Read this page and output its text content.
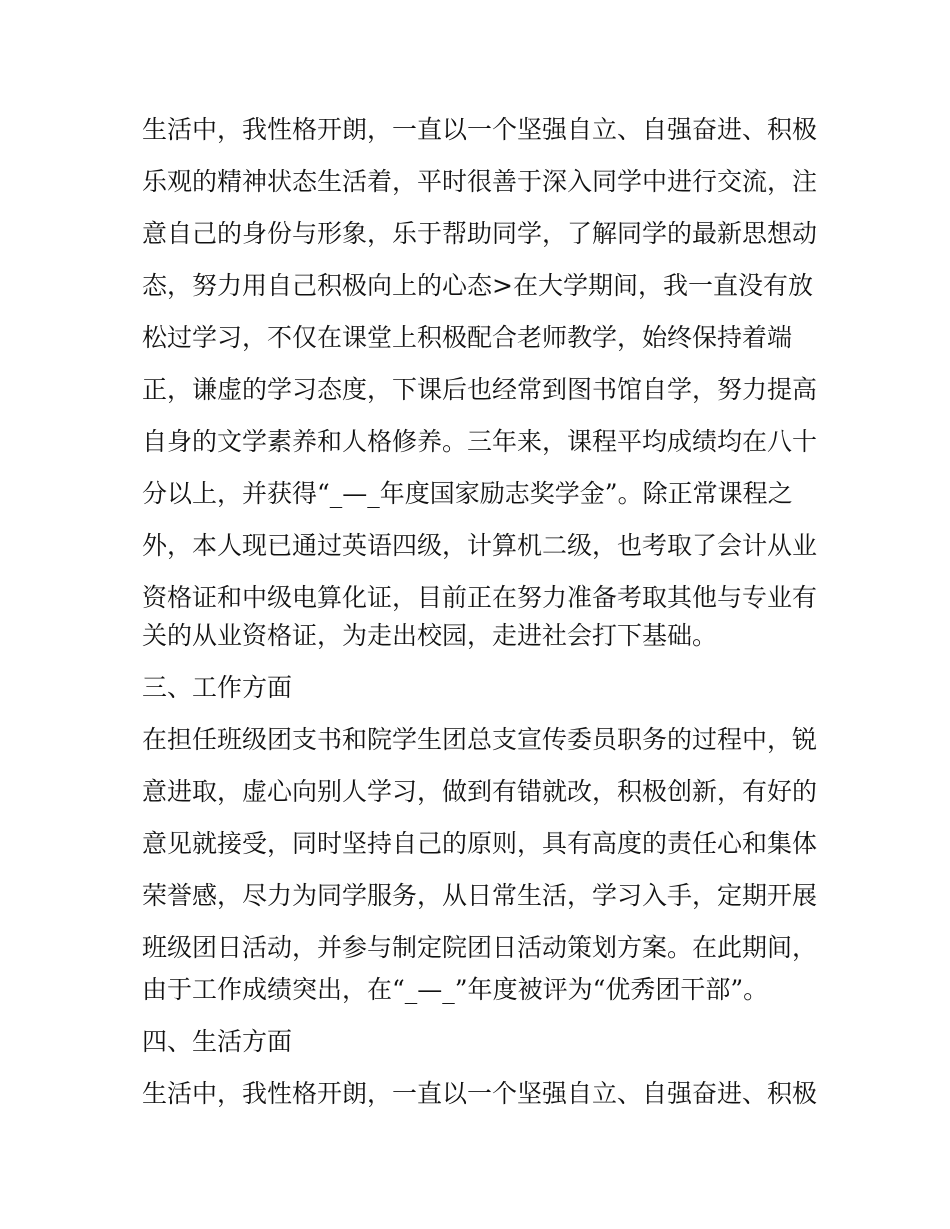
生活中，我性格开朗，一直以一个坚强自立、自强奋进、积极
乐观的精神状态生活着，平时很善于深入同学中进行交流，注
意自己的身份与形象，乐于帮助同学，了解同学的最新思想动
态，努力用自己积极向上的心态>在大学期间，我一直没有放
松过学习，不仅在课堂上积极配合老师教学，始终保持着端
正，谦虚的学习态度，下课后也经常到图书馆自学，努力提高
自身的文学素养和人格修养。三年来，课程平均成绩均在八十
分以上，并获得“_—_年度国家励志奖学金”。除正常课程之
外，本人现已通过英语四级，计算机二级，也考取了会计从业
资格证和中级电算化证，目前正在努力准备考取其他与专业有
关的从业资格证，为走出校园，走进社会打下基础。
三、工作方面
在担任班级团支书和院学生团总支宣传委员职务的过程中，锐
意进取，虚心向别人学习，做到有错就改，积极创新，有好的
意见就接受，同时坚持自己的原则，具有高度的责任心和集体
荣誉感，尽力为同学服务，从日常生活，学习入手，定期开展
班级团日活动，并参与制定院团日活动策划方案。在此期间，
由于工作成绩突出，在“_—_”年度被评为“优秀团干部”。
四、生活方面
生活中，我性格开朗，一直以一个坚强自立、自强奋进、积极
